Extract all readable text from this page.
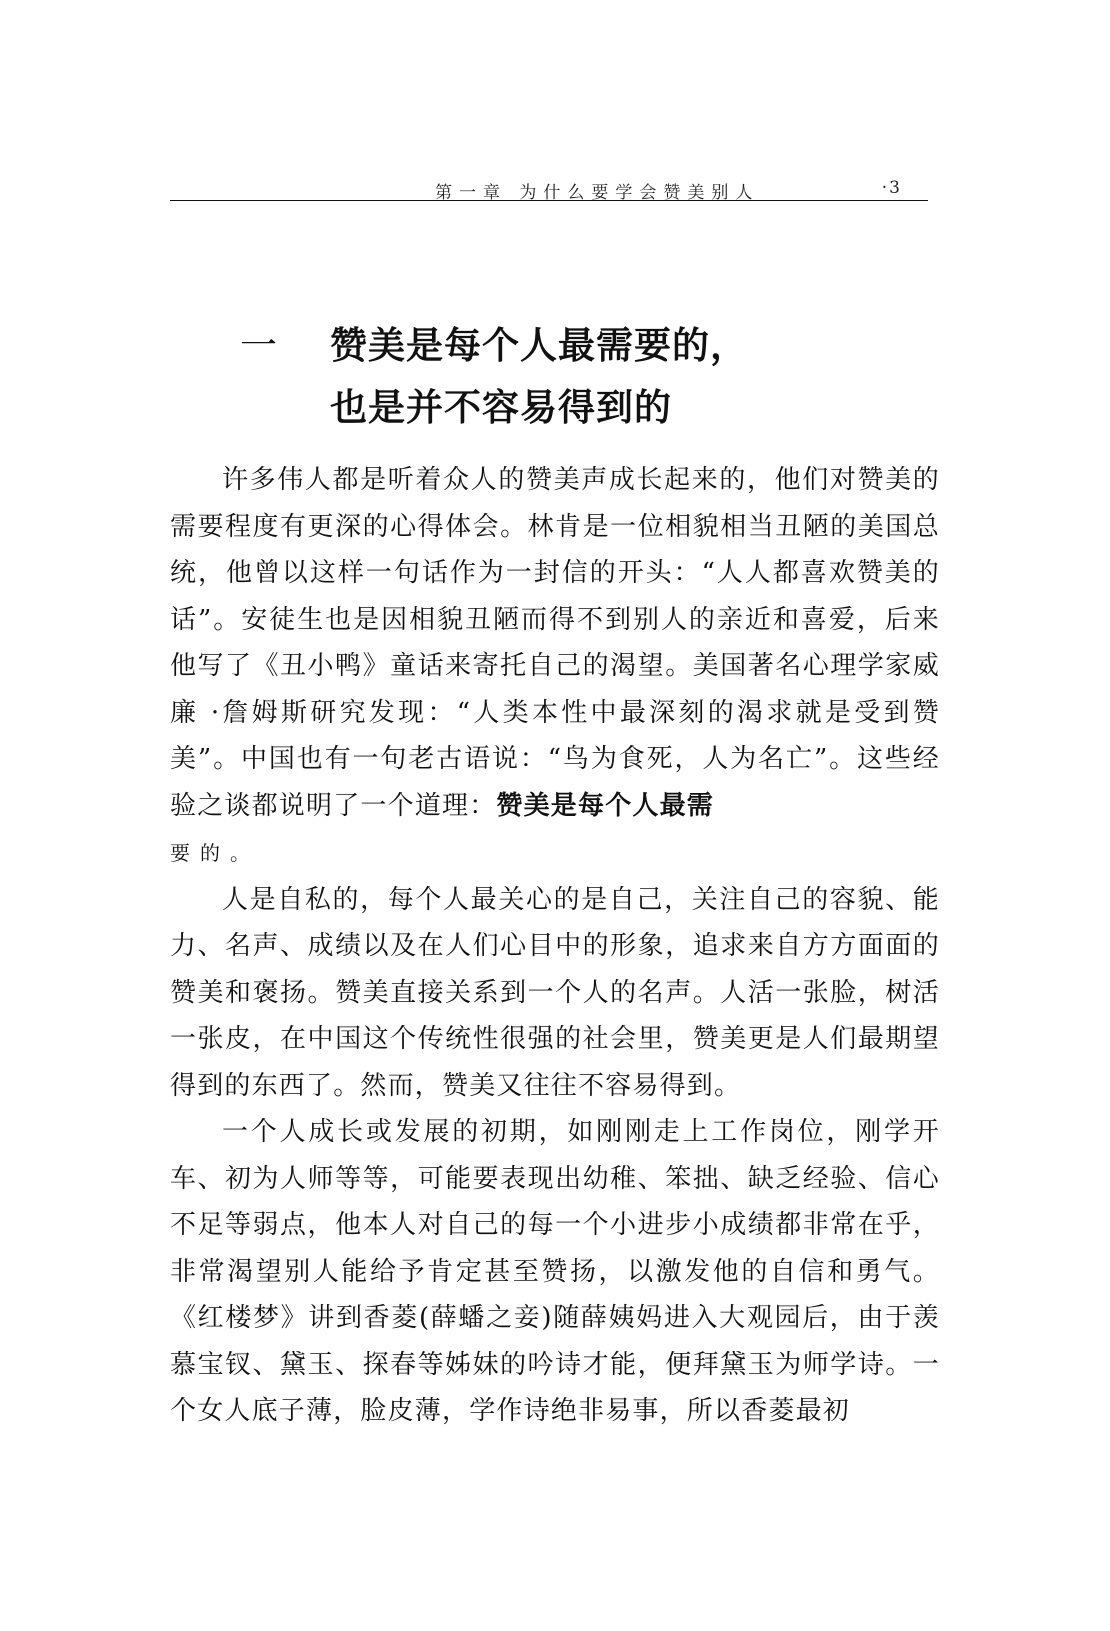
第一章 为什么要学会赞美别人	·3
一 赞美是每个人最需要的，
也是并不容易得到的

许多伟人都是听着众人的赞美声成长起来的，他们对赞美的需要程度有更深的心得体会。林肯是一位相貌相当丑陋的美国总统，他曾以这样一句话作为一封信的开头：“人人都喜欢赞美的话”。安徒生也是因相貌丑陋而得不到别人的亲近和喜爱，后来他写了《丑小鸭》童话来寄托自己的渴望。美国著名心理学家威廉 ·詹姆斯研究发现：“人类本性中最深刻的渴求就是受到赞美”。中国也有一句老古语说：“鸟为食死，人为名亡”。这些经验之谈都说明了一个道理：赞美是每个人最需
要的。

人是自私的，每个人最关心的是自己，关注自己的容貌、能力、名声、成绩以及在人们心目中的形象，追求来自方方面面的赞美和褒扬。赞美直接关系到一个人的名声。人活一张脸，树活一张皮，在中国这个传统性很强的社会里，赞美更是人们最期望得到的东西了。然而，赞美又往往不容易得到。

一个人成长或发展的初期，如刚刚走上工作岗位，刚学开车、初为人师等等，可能要表现出幼稚、笨拙、缺乏经验、信心不足等弱点，他本人对自己的每一个小进步小成绩都非常在乎，非常渴望别人能给予肯定甚至赞扬，以激发他的自信和勇气。《红楼梦》讲到香菱(薛蟠之妾)随薛姨妈进入大观园后，由于羡慕宝钗、黛玉、探春等姊妹的吟诗才能，便拜黛玉为师学诗。一个女人底子薄，脸皮薄，学作诗绝非易事，所以香菱最初
